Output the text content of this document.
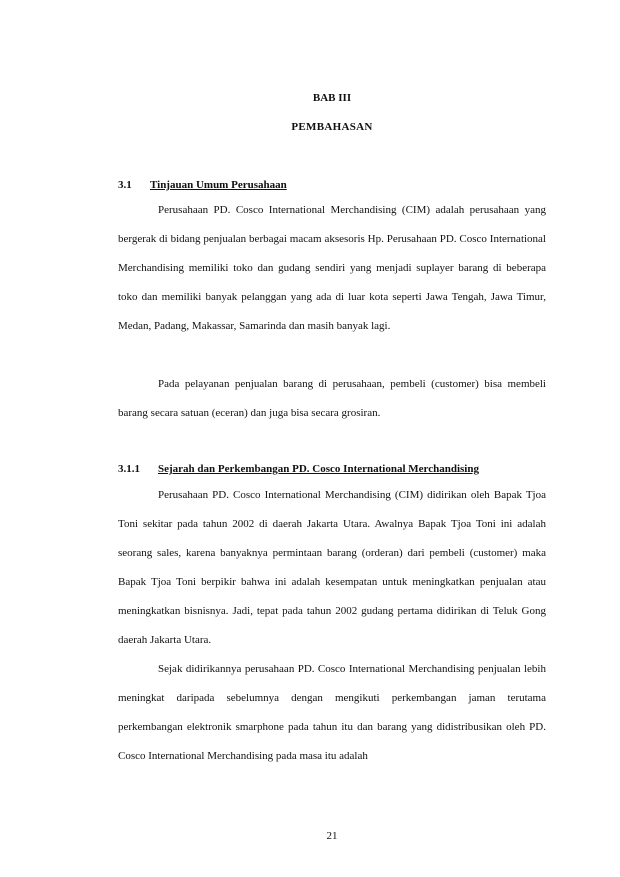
BAB III
PEMBAHASAN
3.1 Tinjauan Umum Perusahaan

Perusahaan PD. Cosco International Merchandising (CIM) adalah perusahaan yang bergerak di bidang penjualan berbagai macam aksesoris Hp. Perusahaan PD. Cosco International Merchandising memiliki toko dan gudang sendiri yang menjadi suplayer barang di beberapa toko dan memiliki banyak pelanggan yang ada di luar kota seperti Jawa Tengah, Jawa Timur, Medan, Padang, Makassar, Samarinda dan masih banyak lagi.

Pada pelayanan penjualan barang di perusahaan, pembeli (customer) bisa membeli barang secara satuan (eceran) dan juga bisa secara grosiran.

3.1.1 Sejarah dan Perkembangan PD. Cosco International Merchandising

Perusahaan PD. Cosco International Merchandising (CIM) didirikan oleh Bapak Tjoa Toni sekitar pada tahun 2002 di daerah Jakarta Utara. Awalnya Bapak Tjoa Toni ini adalah seorang sales, karena banyaknya permintaan barang (orderan) dari pembeli (customer) maka Bapak Tjoa Toni berpikir bahwa ini adalah kesempatan untuk meningkatkan penjualan atau meningkatkan bisnisnya. Jadi, tepat pada tahun 2002 gudang pertama didirikan di Teluk Gong daerah Jakarta Utara.

Sejak didirikannya perusahaan PD. Cosco International Merchandising penjualan lebih meningkat daripada sebelumnya dengan mengikuti perkembangan jaman terutama perkembangan elektronik smarphone pada tahun itu dan barang yang didistribusikan oleh PD. Cosco International Merchandising pada masa itu adalah

21
